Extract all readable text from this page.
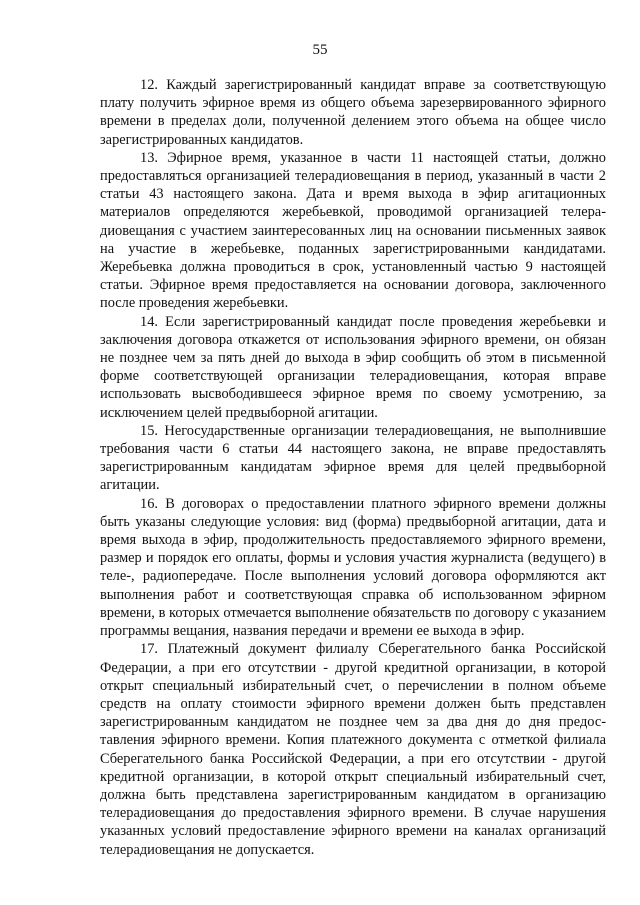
55

12. Каждый зарегистрированный кандидат вправе за соответствующую плату получить эфирное время из общего объема зарезервированного эфирного времени в пределах доли, полученной делением этого объема на общее число зарегистрированных кандидатов.

13. Эфирное время, указанное в части 11 настоящей статьи, должно предоставляться организацией телерадиовещания в период, указанный в части 2 статьи 43 настоящего закона. Дата и время выхода в эфир агитационных материалов определяются жеребьевкой, проводимой организацией телерадиовещания с участием заинтересованных лиц на основании письменных заявок на участие в жеребьевке, поданных зарегистрированными кандидатами. Жеребьевка должна проводиться в срок, установленный частью 9 настоящей статьи. Эфирное время предоставляется на основании договора, заключенного после проведения жеребьевки.

14. Если зарегистрированный кандидат после проведения жеребьевки и заключения договора откажется от использования эфирного времени, он обязан не позднее чем за пять дней до выхода в эфир сообщить об этом в письменной форме соответствующей организации телерадиовещания, которая вправе использовать высвободившееся эфирное время по своему усмотрению, за исключением целей предвыборной агитации.

15. Негосударственные организации телерадиовещания, не выполнившие требования части 6 статьи 44 настоящего закона, не вправе предоставлять зарегистрированным кандидатам эфирное время для целей предвыборной агитации.

16. В договорах о предоставлении платного эфирного времени должны быть указаны следующие условия: вид (форма) предвыборной агитации, дата и время выхода в эфир, продолжительность предоставляемого эфирного времени, размер и порядок его оплаты, формы и условия участия журналиста (ведущего) в теле-, радиопередаче. После выполнения условий договора оформляются акт выполнения работ и соответствующая справка об использованном эфирном времени, в которых отмечается выполнение обязательств по договору с указанием программы вещания, названия передачи и времени ее выхода в эфир.

17. Платежный документ филиалу Сберегательного банка Российской Федерации, а при его отсутствии - другой кредитной организации, в которой открыт специальный избирательный счет, о перечислении в полном объеме средств на оплату стоимости эфирного времени должен быть представлен зарегистрированным кандидатом не позднее чем за два дня до дня предоставления эфирного времени. Копия платежного документа с отметкой филиала Сберегательного банка Российской Федерации, а при его отсутствии - другой кредитной организации, в которой открыт специальный избирательный счет, должна быть представлена зарегистрированным кандидатом в организацию телерадиовещания до предоставления эфирного времени. В случае нарушения указанных условий предоставление эфирного времени на каналах организаций телерадиовещания не допускается.
